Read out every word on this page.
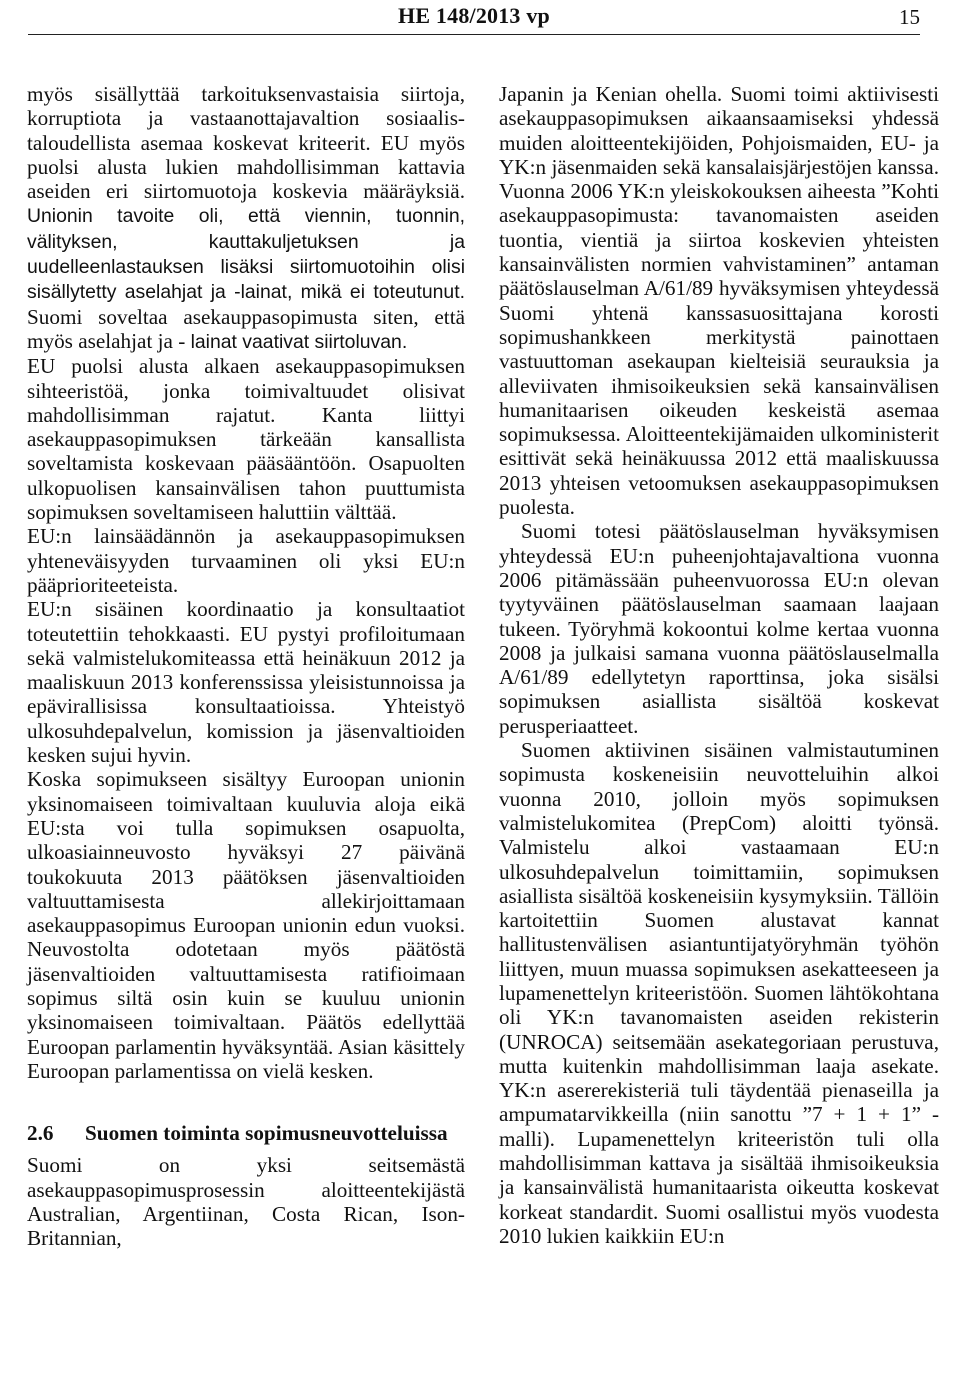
HE 148/2013 vp	15

myös sisällyttää tarkoituksenvastaisia siirtoja, korruptiota ja vastaanottajavaltion sosiaalis-taloudellista asemaa koskevat kriteerit. EU myös puolsi alusta lukien mahdollisimman kattavia aseiden eri siirtomuotoja koskevia määräyksiä. Unionin tavoite oli, että viennin, tuonnin, välityksen, kauttakuljetuksen ja uudelleenlastauksen lisäksi siirtomuotoihin olisi sisällytetty aselahjat ja -lainat, mikä ei toteutunut. Suomi soveltaa asekauppasopimusta siten, että myös aselahjat ja - lainat vaativat siirtoluvan.

EU puolsi alusta alkaen asekauppasopimuksen sihteeristöä, jonka toimivaltuudet olisivat mahdollisimman rajatut. Kanta liittyi asekauppasopimuksen tärkeään kansallista soveltamista koskevaan pääsääntöön. Osapuolten ulkopuolisen kansainvälisen tahon puuttumista sopimuksen soveltamiseen haluttiin välttää.

EU:n lainsäädännön ja asekauppasopimuksen yhteneväisyyden turvaaminen oli yksi EU:n pääprioriteeteista.

EU:n sisäinen koordinaatio ja konsultaatiot toteutettiin tehokkaasti. EU pystyi profiloitumaan sekä valmistelukomiteassa että heinäkuun 2012 ja maaliskuun 2013 konferenssissa yleisistunnoissa ja epävirallisissa konsultaatioissa. Yhteistyö ulkosuhdepalvelun, komission ja jäsenvaltioiden kesken sujui hyvin.

Koska sopimukseen sisältyy Euroopan unionin yksinomaiseen toimivaltaan kuuluvia aloja eikä EU:sta voi tulla sopimuksen osapuolta, ulkoasiainneuvosto hyväksyi 27 päivänä toukokuuta 2013 päätöksen jäsenvaltioiden valtuuttamisesta allekirjoittamaan asekauppasopimus Euroopan unionin edun vuoksi. Neuvostolta odotetaan myös päätöstä jäsenvaltioiden valtuuttamisesta ratifioimaan sopimus siltä osin kuin se kuuluu unionin yksinomaiseen toimivaltaan. Päätös edellyttää Euroopan parlamentin hyväksyntää. Asian käsittely Euroopan parlamentissa on vielä kesken.

2.6	Suomen toiminta sopimusneuvotteluissa

Suomi on yksi seitsemästä asekauppasopimusprosessin aloitteentekijästä Australian, Argentiinan, Costa Rican, Ison-Britannian,

Japanin ja Kenian ohella. Suomi toimi aktiivisesti asekauppasopimuksen aikaansaamiseksi yhdessä muiden aloitteentekijöiden, Pohjoismaiden, EU- ja YK:n jäsenmaiden sekä kansalaisjärjestöjen kanssa. Vuonna 2006 YK:n yleiskokouksen aiheesta ”Kohti asekauppasopimusta: tavanomaisten aseiden tuontia, vientiä ja siirtoa koskevien yhteisten kansainvälisten normien vahvistaminen” antaman päätöslauselman A/61/89 hyväksymisen yhteydessä Suomi yhtenä kanssasuosittajana korosti sopimushankkeen merkitystä painottaen vastuuttoman asekaupan kielteisiä seurauksia ja alleviivaten ihmisoikeuksien sekä kansainvälisen humanitaarisen oikeuden keskeistä asemaa sopimuksessa. Aloitteentekijämaiden ulkoministerit esittivät sekä heinäkuussa 2012 että maaliskuussa 2013 yhteisen vetoomuksen asekauppasopimuksen puolesta.

Suomi totesi päätöslauselman hyväksymisen yhteydessä EU:n puheenjohtajavaltiona vuonna 2006 pitämässään puheenvuorossa EU:n olevan tyytyväinen päätöslauselman saamaan laajaan tukeen. Työryhmä kokoontui kolme kertaa vuonna 2008 ja julkaisi samana vuonna päätöslauselmalla A/61/89 edellytetyn raporttinsa, joka sisälsi sopimuksen asiallista sisältöä koskevat perusperiaatteet.

Suomen aktiivinen sisäinen valmistautuminen sopimusta koskeneisiin neuvotteluihin alkoi vuonna 2010, jolloin myös sopimuksen valmistelukomitea (PrepCom) aloitti työnsä. Valmistelu alkoi vastaamaan EU:n ulkosuhdepalvelun toimittamiin, sopimuksen asiallista sisältöä koskeneisiin kysymyksiin. Tällöin kartoitettiin Suomen alustavat kannat hallitustenvälisen asiantuntijatyöryhmän työhön liittyen, muun muassa sopimuksen asekatteeseen ja lupamenettelyn kriteeristöön. Suomen lähtökohtana oli YK:n tavanomaisten aseiden rekisterin (UNROCA) seitsemään asekategoriaan perustuva, mutta kuitenkin mahdollisimman laaja asekate. YK:n asererekisteriä tuli täydentää pienaseilla ja ampumatarvikkeilla (niin sanottu ”7 + 1 + 1” -malli). Lupamenettelyn kriteeristön tuli olla mahdollisimman kattava ja sisältää ihmisoikeuksia ja kansainvälistä humanitaarista oikeutta koskevat korkeat standardit. Suomi osallistui myös vuodesta 2010 lukien kaikkiin EU:n
